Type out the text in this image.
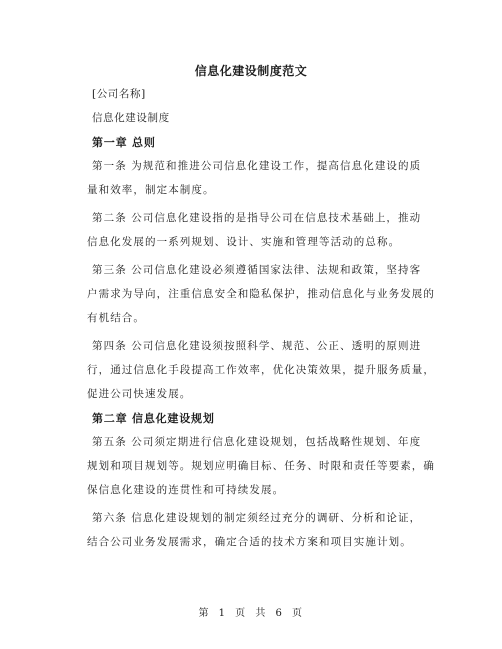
信息化建设制度范文
[公司名称]
信息化建设制度
第一章 总则
第一条 为规范和推进公司信息化建设工作，提高信息化建设的质
量和效率，制定本制度。
第二条 公司信息化建设指的是指导公司在信息技术基础上，推动
信息化发展的一系列规划、设计、实施和管理等活动的总称。
第三条 公司信息化建设必须遵循国家法律、法规和政策，坚持客
户需求为导向，注重信息安全和隐私保护，推动信息化与业务发展的
有机结合。
第四条 公司信息化建设须按照科学、规范、公正、透明的原则进
行，通过信息化手段提高工作效率，优化决策效果，提升服务质量，
促进公司快速发展。
第二章 信息化建设规划
第五条 公司须定期进行信息化建设规划，包括战略性规划、年度
规划和项目规划等。规划应明确目标、任务、时限和责任等要素，确
保信息化建设的连贯性和可持续发展。
第六条 信息化建设规划的制定须经过充分的调研、分析和论证，
结合公司业务发展需求，确定合适的技术方案和项目实施计划。
第 1 页 共 6 页
